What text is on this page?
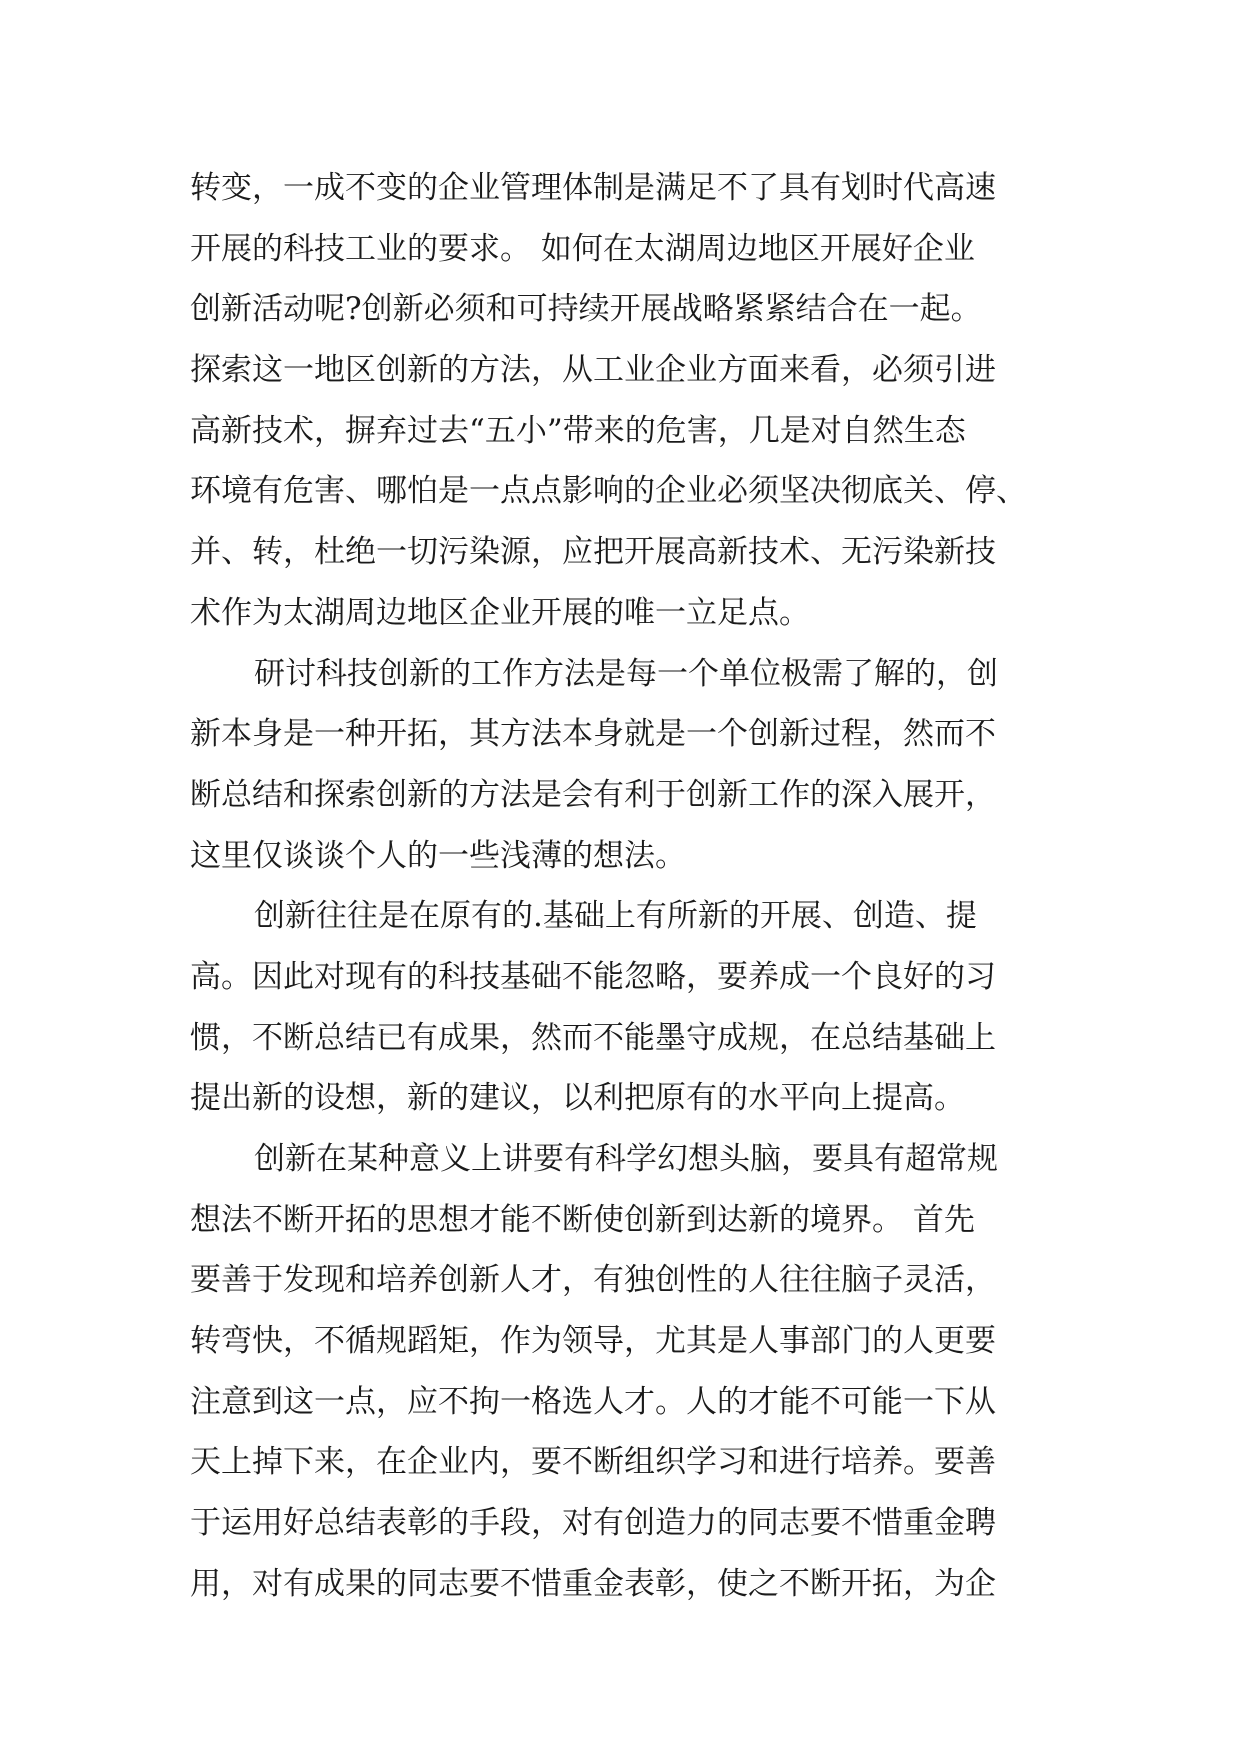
转变，一成不变的企业管理体制是满足不了具有划时代高速
开展的科技工业的要求。 如何在太湖周边地区开展好企业
创新活动呢?创新必须和可持续开展战略紧紧结合在一起。
探索这一地区创新的方法，从工业企业方面来看，必须引进
高新技术，摒弃过去“五小”带来的危害，几是对自然生态
环境有危害、哪怕是一点点影响的企业必须坚决彻底关、停、
并、转，杜绝一切污染源，应把开展高新技术、无污染新技
术作为太湖周边地区企业开展的唯一立足点。
研讨科技创新的工作方法是每一个单位极需了解的，创
新本身是一种开拓，其方法本身就是一个创新过程，然而不
断总结和探索创新的方法是会有利于创新工作的深入展开，
这里仅谈谈个人的一些浅薄的想法。
创新往往是在原有的.基础上有所新的开展、创造、提
高。因此对现有的科技基础不能忽略，要养成一个良好的习
惯，不断总结已有成果，然而不能墨守成规，在总结基础上
提出新的设想，新的建议，以利把原有的水平向上提高。
创新在某种意义上讲要有科学幻想头脑，要具有超常规
想法不断开拓的思想才能不断使创新到达新的境界。 首先
要善于发现和培养创新人才，有独创性的人往往脑子灵活，
转弯快，不循规蹈矩，作为领导，尤其是人事部门的人更要
注意到这一点，应不拘一格选人才。人的才能不可能一下从
天上掉下来，在企业内，要不断组织学习和进行培养。要善
于运用好总结表彰的手段，对有创造力的同志要不惜重金聘
用，对有成果的同志要不惜重金表彰，使之不断开拓，为企
